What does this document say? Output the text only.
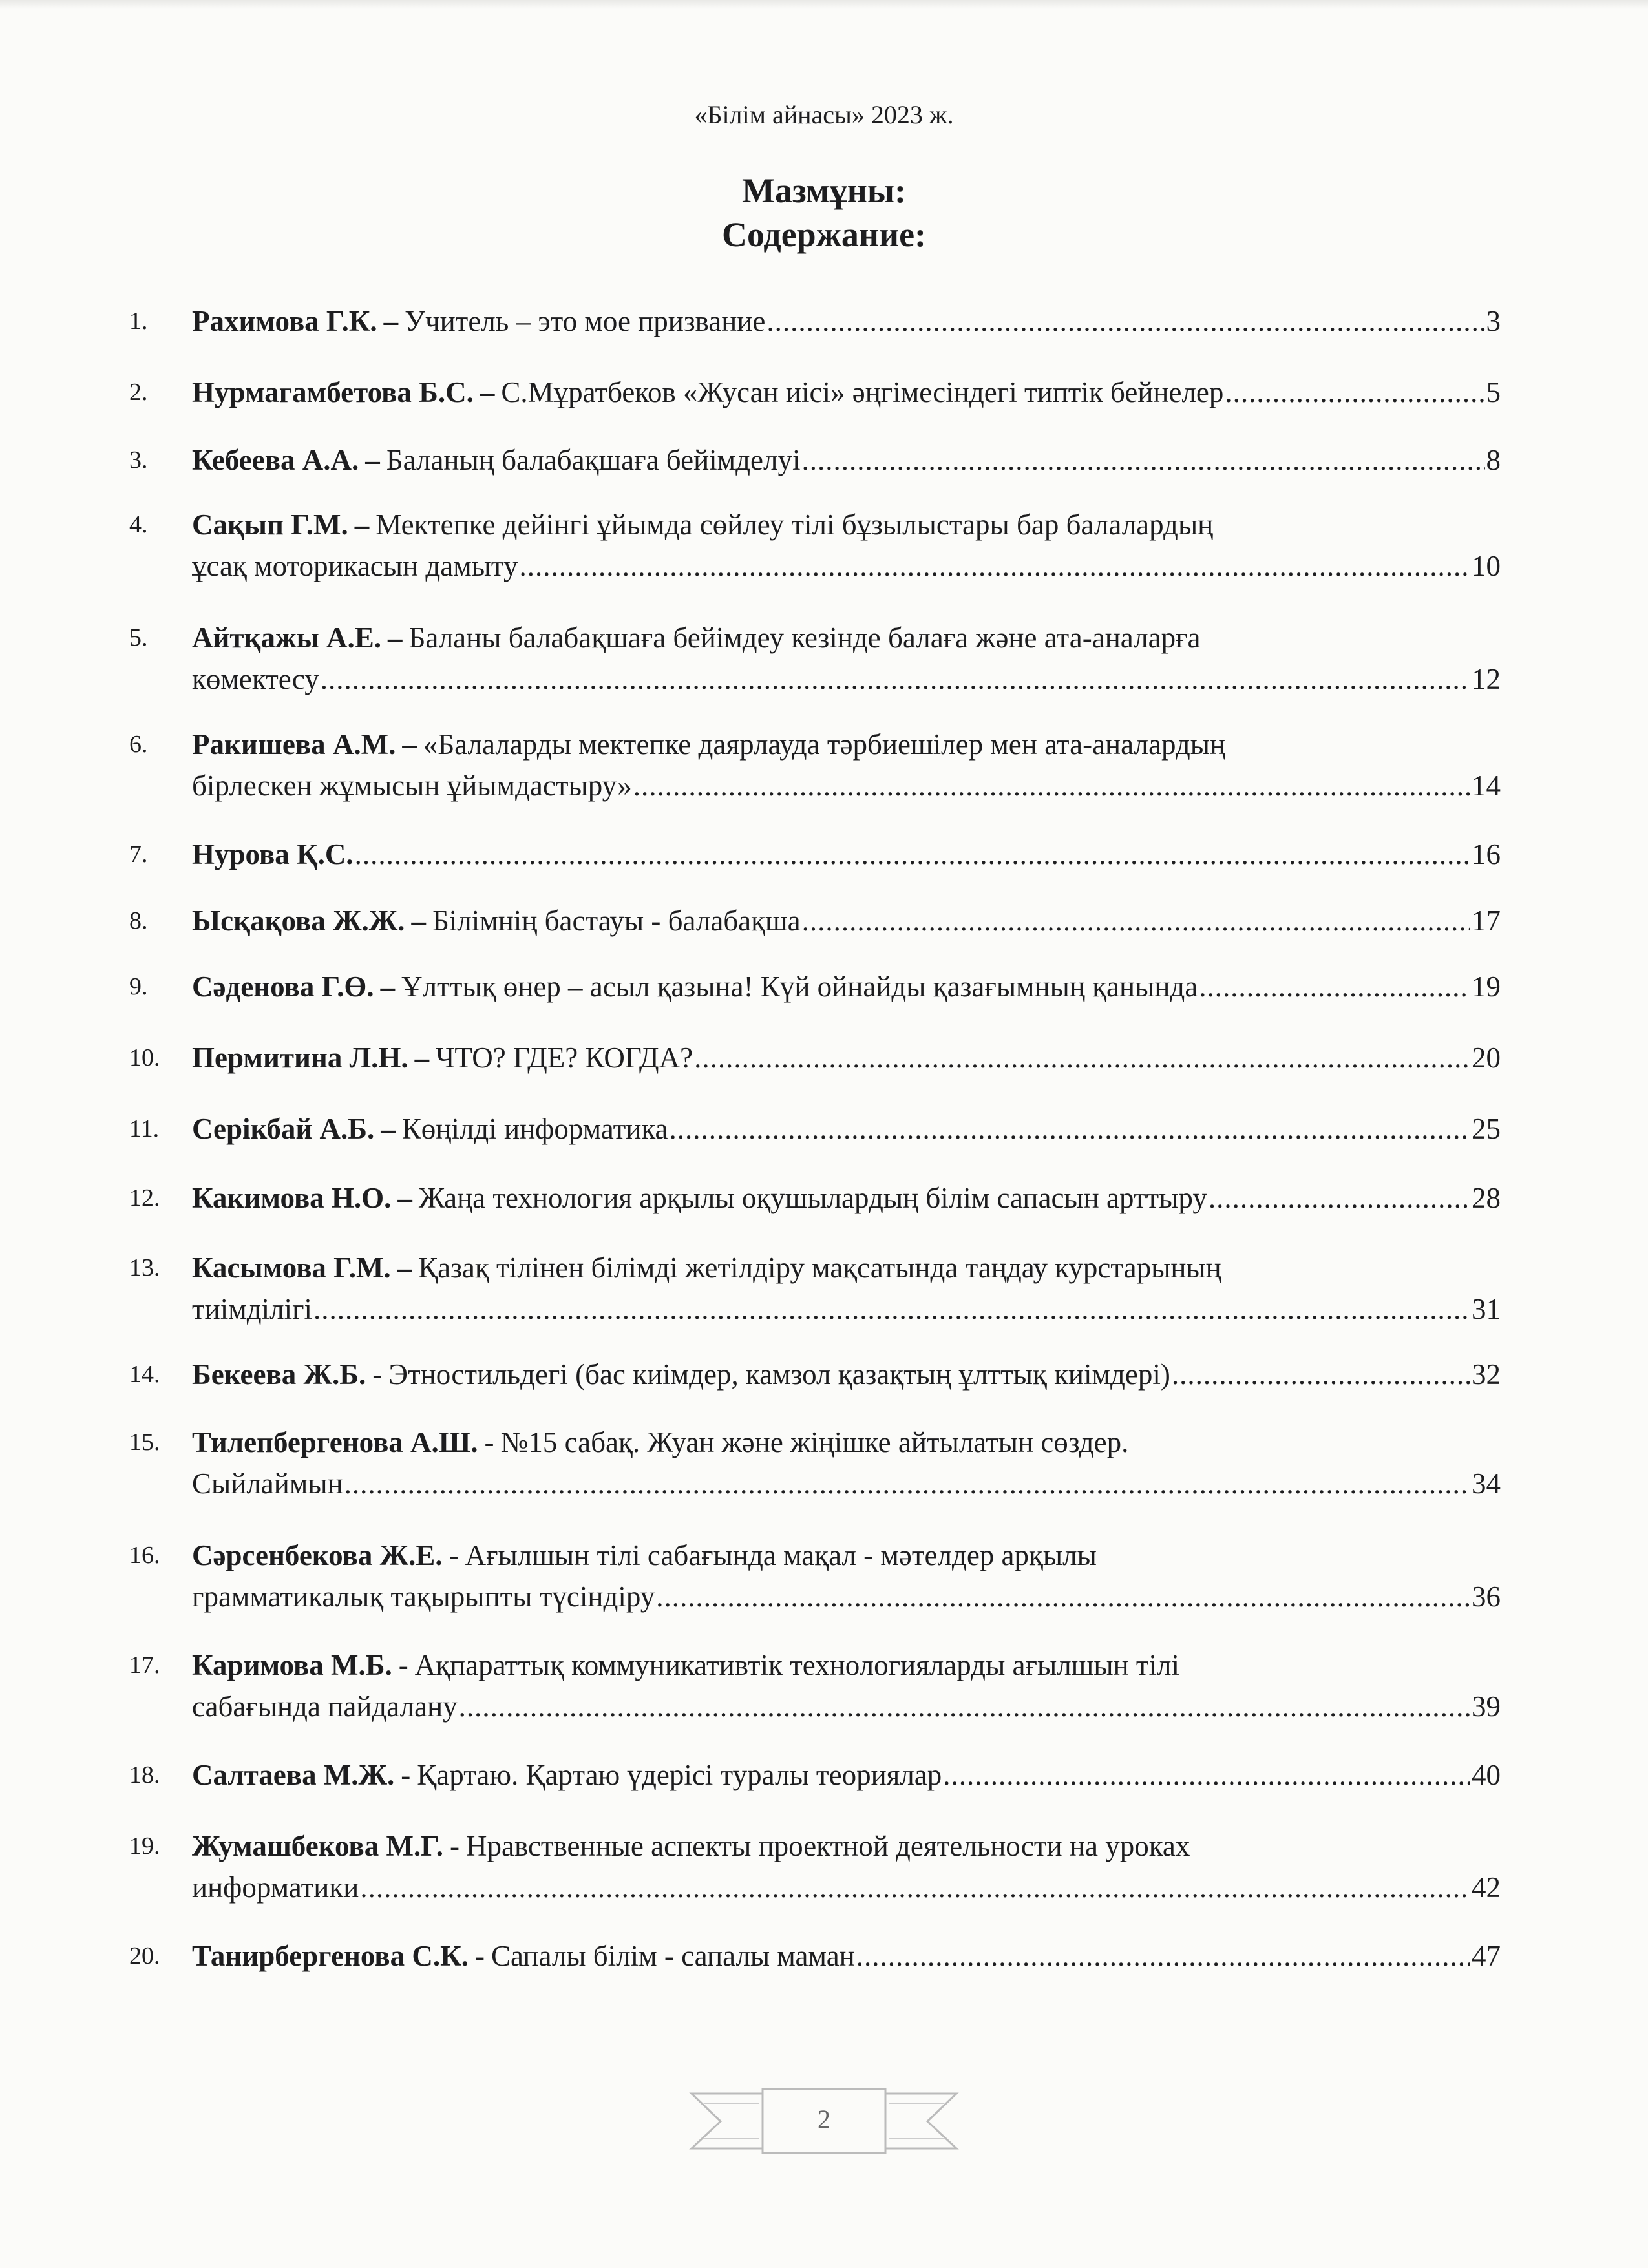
«Білім айнасы» 2023 ж.
Мазмұны:
Содержание:
1.	Рахимова Г.К. – Учитель – это мое призвание .....	3
2.	Нурмагамбетова Б.С. – С.Мұратбеков «Жусан иісі» әңгімесіндегі типтік бейнелер .....	5
3.	Кебеева А.А. – Баланың балабақшаға бейімделуі .....	8
4.	Сақып Г.М. – Мектепке дейінгі ұйымда сөйлеу тілі бұзылыстары бар балалардың
ұсақ моторикасын дамыту .....	10
5.	Айтқажы А.Е. – Баланы балабақшаға бейімдеу кезінде балаға және ата-аналарға
көмектесу .....	12
6.	Ракишева А.М. – «Балаларды мектепке даярлауда тәрбиешілер мен ата-аналардың
бірлескен жұмысын ұйымдастыру» .....	14
7.	Нурова Қ.С. .....	16
8.	Ысқақова Ж.Ж. – Білімнің бастауы - балабақша .....	17
9.	Сәденова Г.Ө. – Ұлттық өнер – асыл қазына! Күй ойнайды қазағымның қанында .....	19
10.	Пермитина Л.Н. – ЧТО? ГДЕ? КОГДА? .....	20
11.	Серікбай А.Б. – Көңілді информатика .....	25
12.	Какимова Н.О. – Жаңа технология арқылы оқушылардың білім сапасын арттыру .....	28
13.	Касымова Г.М. – Қазақ тілінен білімді жетілдіру мақсатында таңдау курстарының
тиімділігі .....	31
14.	Бекеева Ж.Б. - Этностильдегі (бас киімдер, камзол қазақтың ұлттық киімдері) .....	32
15.	Тилепбергенова А.Ш. - №15 сабақ. Жуан және жіңішке айтылатын сөздер.
Сыйлаймын .....	34
16.	Сәрсенбекова Ж.Е. - Ағылшын тілі сабағында мақал - мәтелдер арқылы
грамматикалық тақырыпты түсіндіру .....	36
17.	Каримова М.Б. - Ақпараттық коммуникативтік технологияларды ағылшын тілі
сабағында пайдалану .....	39
18.	Салтаева М.Ж. - Қартаю. Қартаю үдерісі туралы теориялар .....	40
19.	Жумашбекова М.Г. - Нравственные аспекты проектной деятельности на уроках
информатики .....	42
20.	Танирбергенова С.К. - Сапалы білім - сапалы маман .....	47
2
